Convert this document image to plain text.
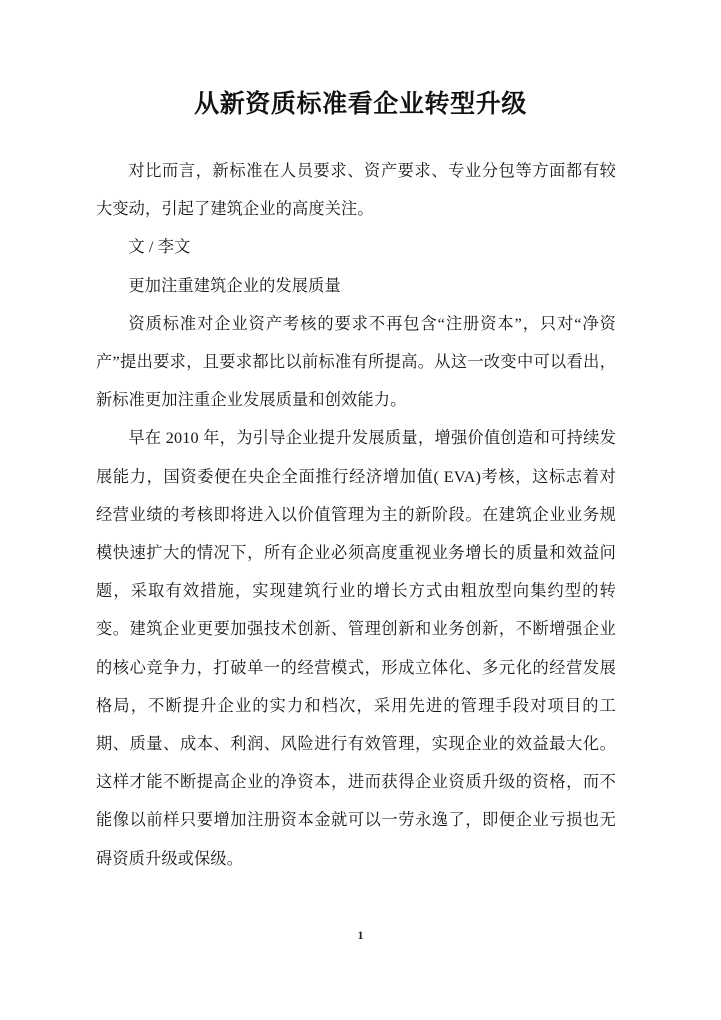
从新资质标准看企业转型升级

对比而言，新标准在人员要求、资产要求、专业分包等方面都有较大变动，引起了建筑企业的高度关注。

文 / 李文

更加注重建筑企业的发展质量

资质标准对企业资产考核的要求不再包含“注册资本”，只对“净资产”提出要求，且要求都比以前标准有所提高。从这一改变中可以看出，新标准更加注重企业发展质量和创效能力。

早在 2010 年，为引导企业提升发展质量，增强价值创造和可持续发展能力，国资委便在央企全面推行经济增加值( EVA)考核，这标志着对经营业绩的考核即将进入以价值管理为主的新阶段。在建筑企业业务规模快速扩大的情况下，所有企业必须高度重视业务增长的质量和效益问题，采取有效措施，实现建筑行业的增长方式由粗放型向集约型的转变。建筑企业更要加强技术创新、管理创新和业务创新，不断增强企业的核心竞争力，打破单一的经营模式，形成立体化、多元化的经营发展格局，不断提升企业的实力和档次，采用先进的管理手段对项目的工期、质量、成本、利润、风险进行有效管理，实现企业的效益最大化。这样才能不断提高企业的净资本，进而获得企业资质升级的资格，而不能像以前样只要增加注册资本金就可以一劳永逸了，即便企业亏损也无碍资质升级或保级。

1
